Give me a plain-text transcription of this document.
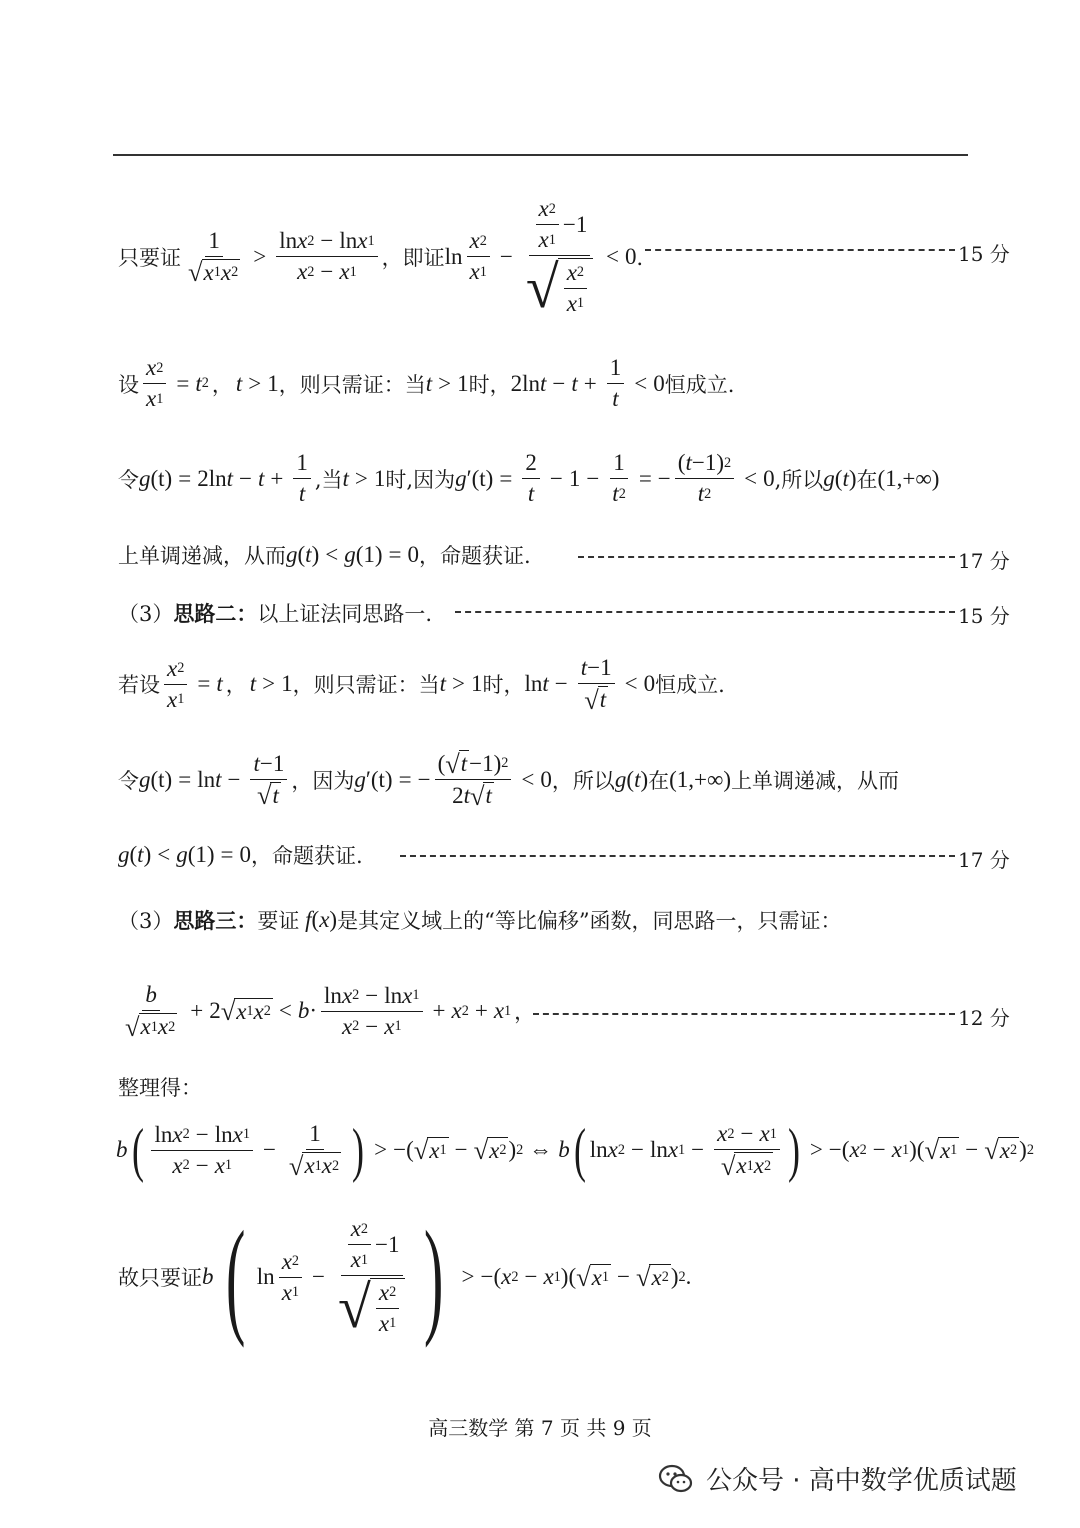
只要证 $\frac{1}{√ x 1 x 2} > \frac{\text{ln x 2 − ln x 1}}{x 2 - x 1}$ ，即证 $\ln \frac{x 2}{x 1} - \frac{\frac{x 2}{x 1} -1}{√ \frac{x 2}{x 1}} < 0$ ．	15 分
设 $\frac{x 2}{x 1} = t$ 2 ， t > 1 ，则只需证：当 t > 1 时， 2ln $t - t + \frac{1}{t} < 0$ 恒成立.
令 g (t) = 2ln $t - t + \frac{1}{t}$ ,当 t > 1 时,因为 g $'(t) = \frac{2}{t} - 1 - \frac{1}{t 2}$ = − $\frac{( t -1) 2}{t 2} < 0$ ,所以 g ( t ) 在 (1,+∞)
上单调递减，从而 g ( t ) < g (1) = 0 ，命题获证.	17 分
（3） 思路二： 以上证法同思路一.	15 分
若设 $\frac{x 2}{x 1} = t$ ， t > 1 ，则只需证：当 t > 1 时， $\ln t - \frac{t -1}{√ t} < 0$ 恒成立.
令 g $(t) = \ln t - \frac{t -1}{√ t}$ ，因为 g ′(t) = − $\frac{( √ t -1) 2}{2 t √ t} < 0$ ，所以 g ( t ) 在 (1,+∞) 上单调递减，从而
g ( t ) < g (1) = 0 ，命题获证.	17 分
（3） 思路三： 要证 f ( x ) 是其定义域上的“等比偏移”函数，同思路一，只需证：
$\frac{b}{√ x 1 x 2} + 2$ √ x 1 x $2 < b \cdot \frac{\text{ln x 2 − ln x 1}}{x 2 - x 1} + x$ 2 + x 1 ，	12 分
整理得：
b ( $\frac{\text{ln x 2 − ln x 1}}{x 2 - x 1} - \frac{1}{√ x 1 x 2}$ ) > −( √ x 1 − √ x 2 ) 2 ⇔ b ( ln x 2 − ln x $1 - \frac{x 2 - x 1}{√ x 1 x 2}$ ) > −( x 2 − x 1 )( √ x 1 − √ x 2 ) 2
故只要证 b ( $\ln \frac{x 2}{x 1} - \frac{\frac{x 2}{x 1} -1}{√ \frac{x 2}{x 1}}$ ) > −( x 2 − x 1 )( √ x 1 − √ x 2 ) 2 .
高三数学 第 7 页 共 9 页
公众号 · 高中数学优质试题
